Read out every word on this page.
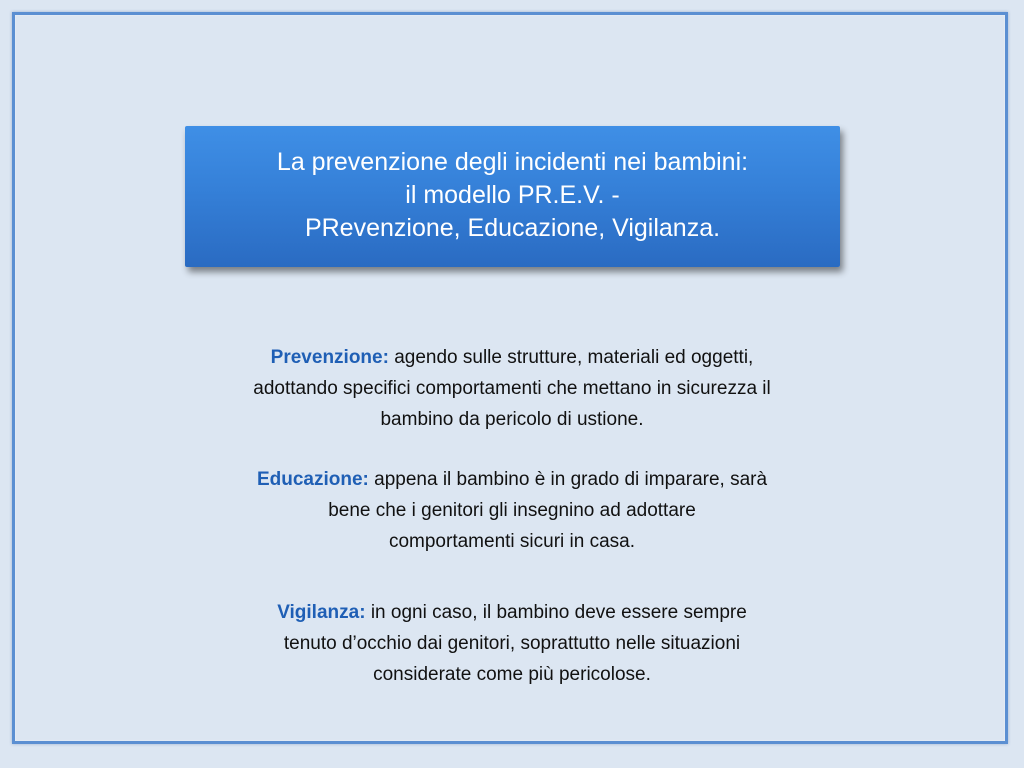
La prevenzione degli incidenti nei bambini:
il modello PR.E.V. -
PRevenzione, Educazione, Vigilanza.
Prevenzione: agendo sulle strutture, materiali ed oggetti,
adottando specifici comportamenti che mettano in sicurezza il
bambino da pericolo di ustione.
Educazione: appena il bambino è in grado di imparare, sarà
bene che i genitori gli insegnino ad adottare
comportamenti sicuri in casa.
Vigilanza: in ogni caso, il bambino deve essere sempre
tenuto d’occhio dai genitori, soprattutto nelle situazioni
considerate come più pericolose.
